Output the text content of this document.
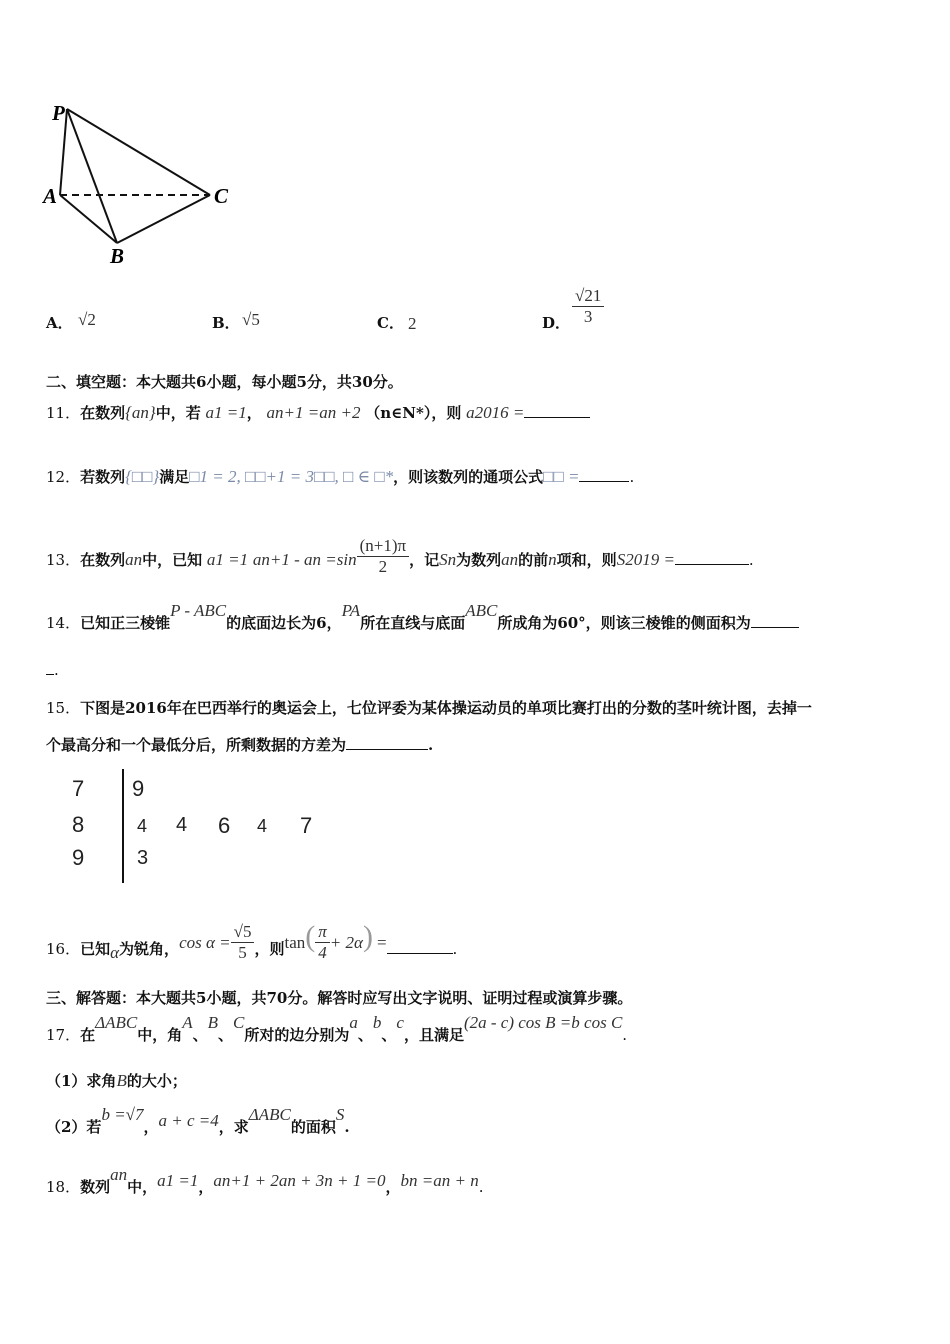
P
A	C
B
A． √2	B． √5	C． 2	D． $\frac{√21}{3}$
二、填空题：本大题共6小题，每小题5分，共30分。
11．在数列{an}中，若 a1 =1， an+1 =an +2 （n∈N*），则 a2016 =
12．若数列{□□}满足□1 = 2, □□+1 = 3□□, □ ∈ □*，则该数列的通项公式□□ =	.
13．在数列an中，已知 a1 =1 an+1 - an $=\sin \frac{(n+1)\pi}{2}$ ，记Sn为数列an的前n项和，则S2019 =	.
14．已知正三棱锥P - ABC的底面边长为6，PA所在直线与底面ABC所成角为60°，则该三棱锥的侧面积为
.
15．下图是2016年在巴西举行的奥运会上，七位评委为某体操运动员的单项比赛打出的分数的茎叶统计图，去掉一
个最高分和一个最低分后，所剩数据的方差为	.
7 9
8	4 4 6 4 7
9	3
16．已知α为锐角，$\cos \alpha = \frac{√5}{5}$ ，则$\tan( \frac{\pi}{4} + 2\alpha)$ =	.
三、解答题：本大题共5小题，共70分。解答时应写出文字说明、证明过程或演算步骤。
17．在ΔABC中，角A、B、C所对的边分别为a、b、c，且满足(2a - c) cos B =b cos C.
（1）求角B的大小；
（2）若b =√7，a + c =4，求ΔABC的面积S.
18．数列an中，a1 =1，an+1 + 2an + 3n + 1 =0，bn =an + n.
